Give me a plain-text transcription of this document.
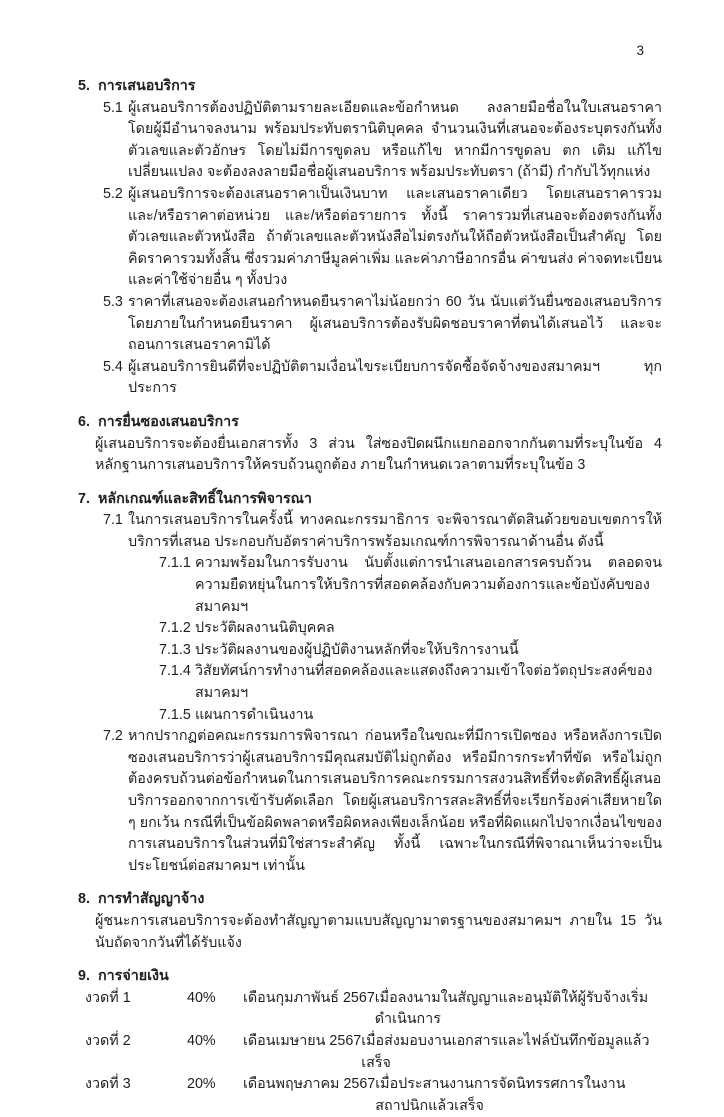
3
5. การเสนอบริการ
5.1 ผู้เสนอบริการต้องปฏิบัติตามรายละเอียดและข้อกำหนด ลงลายมือชื่อในใบเสนอราคาโดยผู้มีอำนาจลงนาม พร้อมประทับตรานิติบุคคล จำนวนเงินที่เสนอจะต้องระบุตรงกันทั้งตัวเลขและตัวอักษร โดยไม่มีการขูดลบ หรือแก้ไข หากมีการขูดลบ ตก เติม แก้ไข เปลี่ยนแปลง จะต้องลงลายมือชื่อผู้เสนอบริการ พร้อมประทับตรา (ถ้ามี) กำกับไว้ทุกแห่ง

5.2 ผู้เสนอบริการจะต้องเสนอราคาเป็นเงินบาท และเสนอราคาเดียว โดยเสนอราคารวม และ/หรือราคาต่อหน่วย และ/หรือต่อรายการ ทั้งนี้ ราคารวมที่เสนอจะต้องตรงกันทั้งตัวเลขและตัวหนังสือ ถ้าตัวเลขและตัวหนังสือไม่ตรงกันให้ถือตัวหนังสือเป็นสำคัญ โดยคิดราคารวมทั้งสิ้น ซึ่งรวมค่าภาษีมูลค่าเพิ่ม และค่าภาษีอากรอื่น ค่าขนส่ง ค่าจดทะเบียน และค่าใช้จ่ายอื่น ๆ ทั้งปวง

5.3 ราคาที่เสนอจะต้องเสนอกำหนดยืนราคาไม่น้อยกว่า 60 วัน นับแต่วันยื่นซองเสนอบริการ โดยภายในกำหนดยืนราคา ผู้เสนอบริการต้องรับผิดชอบราคาที่ตนได้เสนอไว้ และจะถอนการเสนอราคามิได้

5.4 ผู้เสนอบริการยินดีที่จะปฏิบัติตามเงื่อนไขระเบียบการจัดซื้อจัดจ้างของสมาคมฯ ทุกประการ

6. การยื่นซองเสนอบริการ

ผู้เสนอบริการจะต้องยื่นเอกสารทั้ง 3 ส่วน ใส่ซองปิดผนึกแยกออกจากกันตามที่ระบุในข้อ 4 หลักฐานการเสนอบริการให้ครบถ้วนถูกต้อง ภายในกำหนดเวลาตามที่ระบุในข้อ 3

7. หลักเกณฑ์และสิทธิ์ในการพิจารณา
7.1 ในการเสนอบริการในครั้งนี้ ทางคณะกรรมาธิการ จะพิจารณาตัดสินด้วยขอบเขตการให้บริการที่เสนอ ประกอบกับอัตราค่าบริการพร้อมเกณฑ์การพิจารณาด้านอื่น ดังนี้

7.1.1 ความพร้อมในการรับงาน นับตั้งแต่การนำเสนอเอกสารครบถ้วน ตลอดจนความยืดหยุ่นในการให้บริการที่สอดคล้องกับความต้องการและข้อบังคับของสมาคมฯ

7.1.2 ประวัติผลงานนิติบุคคล

7.1.3 ประวัติผลงานของผู้ปฏิบัติงานหลักที่จะให้บริการงานนี้

7.1.4 วิสัยทัศน์การทำงานที่สอดคล้องและแสดงถึงความเข้าใจต่อวัตถุประสงค์ของสมาคมฯ

7.1.5 แผนการดำเนินงาน

7.2 หากปรากฏต่อคณะกรรมการพิจารณา ก่อนหรือในขณะที่มีการเปิดซอง หรือหลังการเปิดซองเสนอบริการว่าผู้เสนอบริการมีคุณสมบัติไม่ถูกต้อง หรือมีการกระทำที่ขัด หรือไม่ถูกต้องครบถ้วนต่อข้อกำหนดในการเสนอบริการคณะกรรมการสงวนสิทธิ์ที่จะตัดสิทธิ์ผู้เสนอบริการออกจากการเข้ารับคัดเลือก โดยผู้เสนอบริการสละสิทธิ์ที่จะเรียกร้องค่าเสียหายใด ๆ ยกเว้น กรณีที่เป็นข้อผิดพลาดหรือผิดหลงเพียงเล็กน้อย หรือที่ผิดแผกไปจากเงื่อนไขของการเสนอบริการในส่วนที่มิใช่สาระสำคัญ ทั้งนี้ เฉพาะในกรณีที่พิจาณาเห็นว่าจะเป็นประโยชน์ต่อสมาคมฯ เท่านั้น

8. การทำสัญญาจ้าง

ผู้ชนะการเสนอบริการจะต้องทำสัญญาตามแบบสัญญามาตรฐานของสมาคมฯ ภายใน 15 วัน นับถัดจากวันที่ได้รับแจ้ง

9. การจ่ายเงิน
งวดที่ 1	40%	เดือนกุมภาพันธ์ 2567 เมื่อลงนามในสัญญาและอนุมัติให้ผู้รับจ้างเริ่มดำเนินการ
งวดที่ 2	40%	เดือนเมษายน 2567 เมื่อส่งมอบงานเอกสารและไฟล์บันทึกข้อมูลแล้วเสร็จ
งวดที่ 3	20%	เดือนพฤษภาคม 2567 เมื่อประสานงานการจัดนิทรรศการในงานสถาปนิกแล้วเสร็จ
